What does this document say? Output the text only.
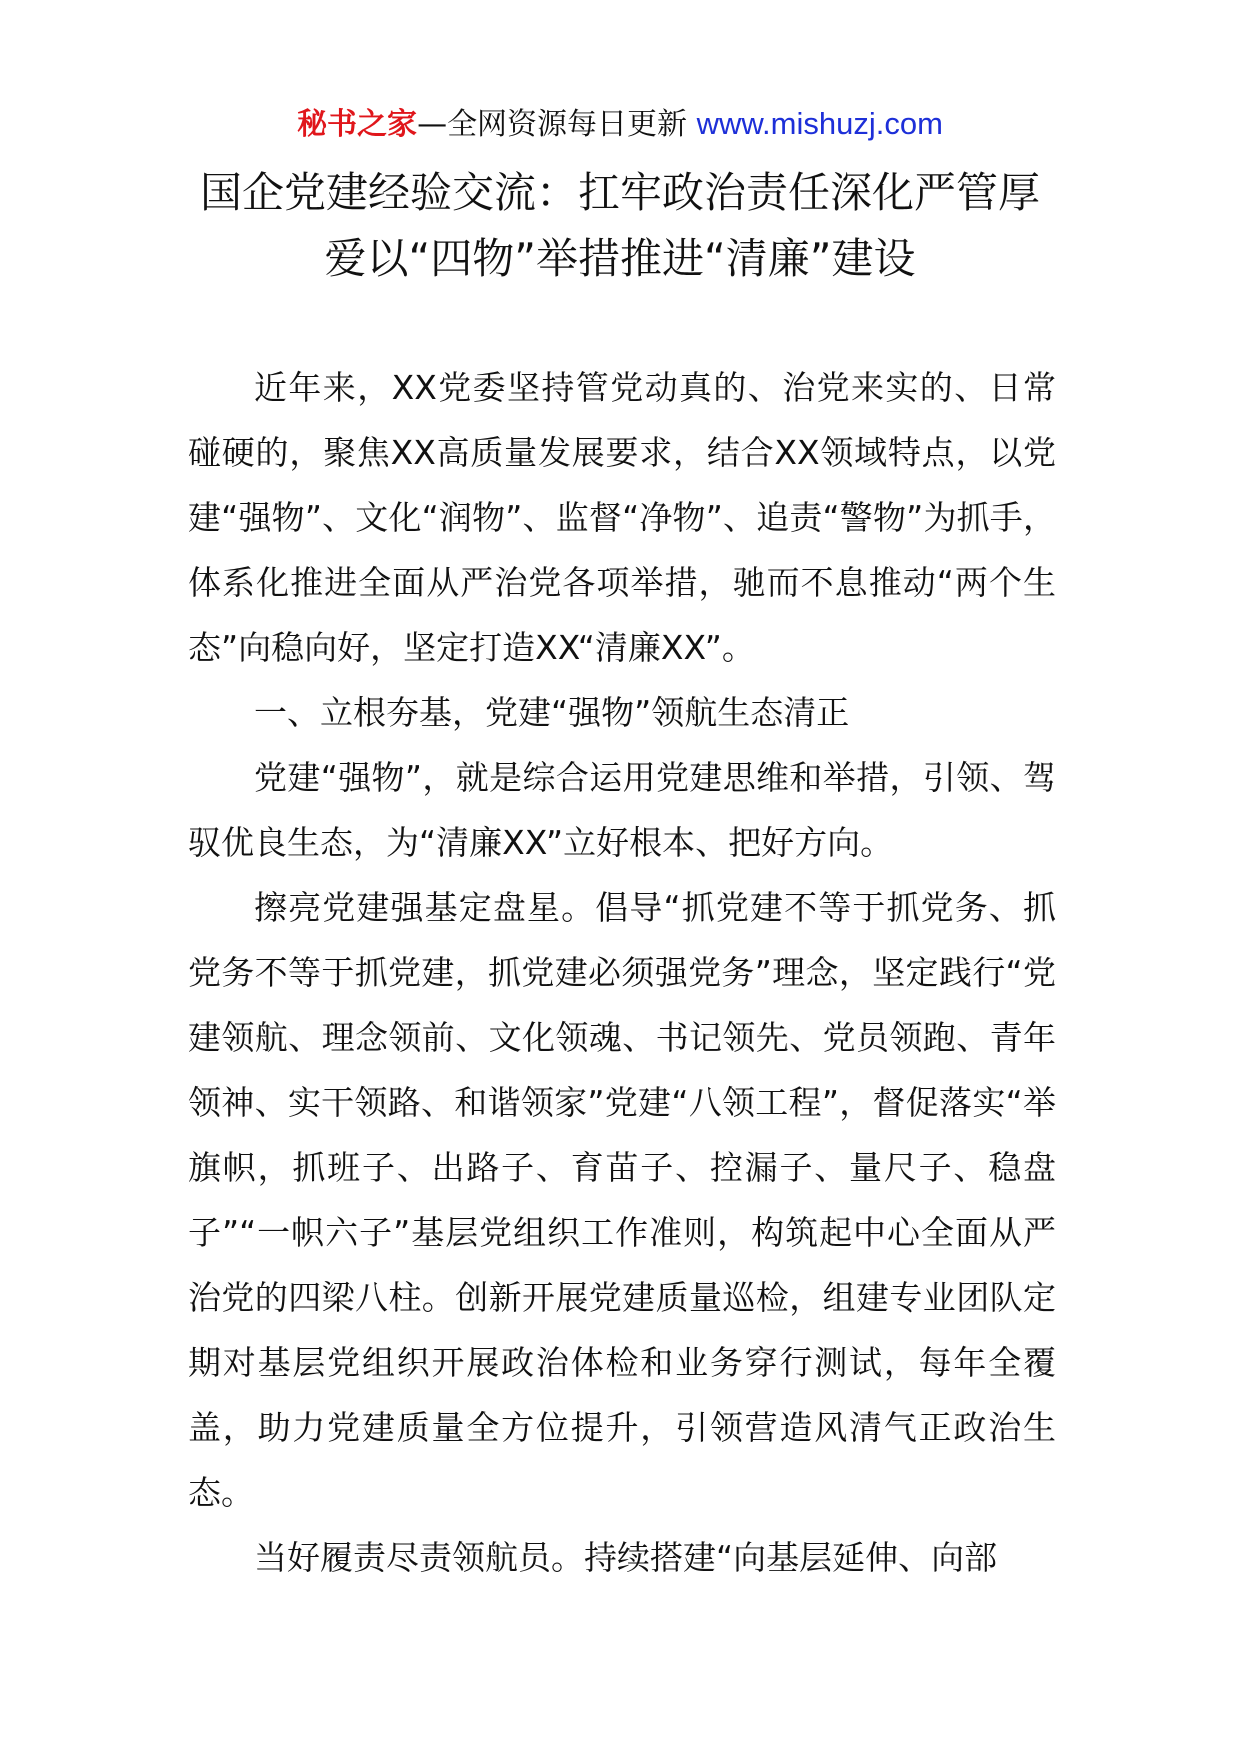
秘书之家—全网资源每日更新 www.mishuzj.com
国企党建经验交流：扛牢政治责任深化严管厚
爱以“四物”举措推进“清廉”建设

近年来，XX党委坚持管党动真的、治党来实的、日常碰硬的，聚焦XX高质量发展要求，结合XX领域特点，以党建“强物”、文化“润物”、监督“净物”、追责“警物”为抓手，体系化推进全面从严治党各项举措，驰而不息推动“两个生态”向稳向好，坚定打造XX“清廉XX”。

一、立根夯基，党建“强物”领航生态清正

党建“强物”，就是综合运用党建思维和举措，引领、驾驭优良生态，为“清廉XX”立好根本、把好方向。

擦亮党建强基定盘星。倡导“抓党建不等于抓党务、抓党务不等于抓党建，抓党建必须强党务”理念，坚定践行“党建领航、理念领前、文化领魂、书记领先、党员领跑、青年领神、实干领路、和谐领家”党建“八领工程”，督促落实“举旗帜，抓班子、出路子、育苗子、控漏子、量尺子、稳盘子”“一帜六子”基层党组织工作准则，构筑起中心全面从严治党的四梁八柱。创新开展党建质量巡检，组建专业团队定期对基层党组织开展政治体检和业务穿行测试，每年全覆盖，助力党建质量全方位提升，引领营造风清气正政治生态。

当好履责尽责领航员。持续搭建“向基层延伸、向部
